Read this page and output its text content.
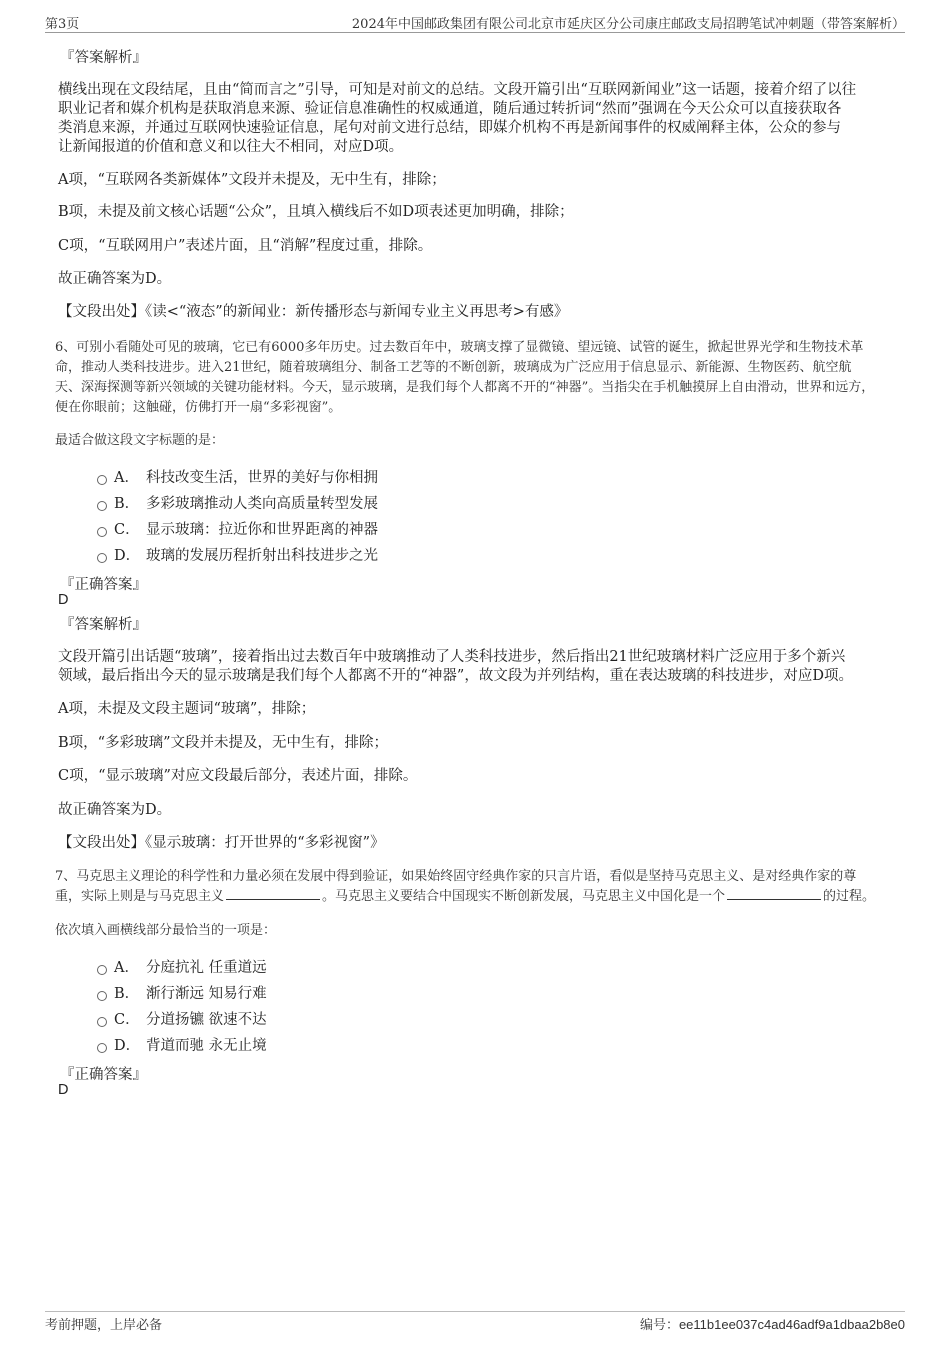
第3页	2024年中国邮政集团有限公司北京市延庆区分公司康庄邮政支局招聘笔试冲刺题（带答案解析）
『答案解析』
横线出现在文段结尾，且由“简而言之”引导，可知是对前文的总结。文段开篇引出“互联网新闻业”这一话题，接着介绍了以往
职业记者和媒介机构是获取消息来源、验证信息准确性的权威通道，随后通过转折词“然而”强调在今天公众可以直接获取各
类消息来源，并通过互联网快速验证信息，尾句对前文进行总结，即媒介机构不再是新闻事件的权威阐释主体，公众的参与
让新闻报道的价值和意义和以往大不相同，对应D项。
A项，“互联网各类新媒体”文段并未提及，无中生有，排除；
B项，未提及前文核心话题“公众”，且填入横线后不如D项表述更加明确，排除；
C项，“互联网用户”表述片面，且“消解”程度过重，排除。
故正确答案为D。
【文段出处】《读<“液态”的新闻业：新传播形态与新闻专业主义再思考>有感》
6、可别小看随处可见的玻璃，它已有6000多年历史。过去数百年中，玻璃支撑了显微镜、望远镜、试管的诞生，掀起世界光学和生物技术革
命，推动人类科技进步。进入21世纪，随着玻璃组分、制备工艺等的不断创新，玻璃成为广泛应用于信息显示、新能源、生物医药、航空航
天、深海探测等新兴领域的关键功能材料。今天，显示玻璃，是我们每个人都离不开的“神器”。当指尖在手机触摸屏上自由滑动，世界和远方，
便在你眼前；这触碰，仿佛打开一扇“多彩视窗”。
最适合做这段文字标题的是：
A． 科技改变生活，世界的美好与你相拥
B． 多彩玻璃推动人类向高质量转型发展
C． 显示玻璃：拉近你和世界距离的神器
D． 玻璃的发展历程折射出科技进步之光
『正确答案』
D
『答案解析』
文段开篇引出话题“玻璃”，接着指出过去数百年中玻璃推动了人类科技进步，然后指出21世纪玻璃材料广泛应用于多个新兴
领域，最后指出今天的显示玻璃是我们每个人都离不开的“神器”，故文段为并列结构，重在表达玻璃的科技进步，对应D项。
A项，未提及文段主题词“玻璃”，排除；
B项，“多彩玻璃”文段并未提及，无中生有，排除；
C项，“显示玻璃”对应文段最后部分，表述片面，排除。
故正确答案为D。
【文段出处】《显示玻璃：打开世界的“多彩视窗”》
7、马克思主义理论的科学性和力量必须在发展中得到验证，如果始终固守经典作家的只言片语，看似是坚持马克思主义、是对经典作家的尊
重，实际上则是与马克思主义	。马克思主义要结合中国现实不断创新发展，马克思主义中国化是一个	的过程。
依次填入画横线部分最恰当的一项是：
A． 分庭抗礼 任重道远
B． 渐行渐远 知易行难
C． 分道扬镳 欲速不达
D． 背道而驰 永无止境
『正确答案』
D
考前押题，上岸必备	编号：ee11b1ee037c4ad46adf9a1dbaa2b8e0
